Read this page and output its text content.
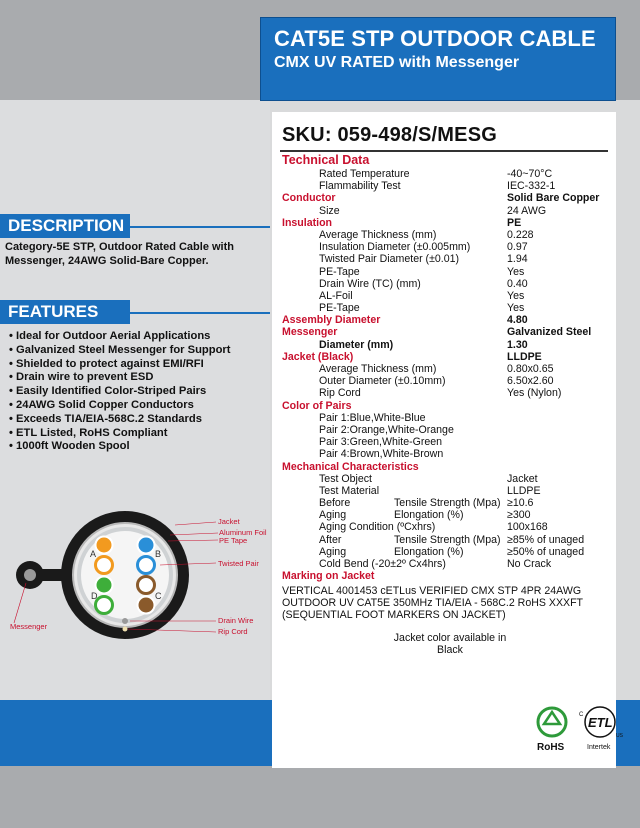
CAT5E STP OUTDOOR CABLE
CMX UV RATED with Messenger
SKU: 059-498/S/MESG
Technical Data
Rated Temperature	-40~70°C
Flammability Test	IEC-332-1
Conductor	Solid Bare Copper
Size	24 AWG
Insulation	PE
Average Thickness (mm)	0.228
Insulation Diameter (±0.005mm)	0.97
Twisted Pair Diameter (±0.01)	1.94
PE-Tape	Yes
Drain Wire (TC) (mm)	0.40
AL-Foil	Yes
PE-Tape	Yes
Assembly Diameter	4.80
Messenger	Galvanized Steel
Diameter (mm)	1.30
Jacket (Black)	LLDPE
Average Thickness (mm)	0.80x0.65
Outer Diameter (±0.10mm)	6.50x2.60
Rip Cord	Yes (Nylon)
Color of Pairs
Pair 1:Blue,White-Blue
Pair 2:Orange,White-Orange
Pair 3:Green,White-Green
Pair 4:Brown,White-Brown
Mechanical Characteristics
Test Object	Jacket
Test Material	LLDPE
Before	Tensile Strength (Mpa) ≥10.6
Aging	Elongation (%)	≥300
Aging Condition (ºCxhrs)	100x168
After	Tensile Strength (Mpa) ≥85% of unaged
Aging	Elongation (%)	≥50% of unaged
Cold Bend (-20±2º Cx4hrs)	No Crack
Marking on Jacket
VERTICAL 4001453 cETLus VERIFIED CMX STP 4PR 24AWG
OUTDOOR UV CAT5E 350MHz TIA/EIA - 568C.2 RoHS XXXFT
(SEQUENTIAL FOOT MARKERS ON JACKET)
Jacket color available in
Black
DESCRIPTION
Category-5E STP, Outdoor Rated Cable with Messenger, 24AWG Solid-Bare Copper.
FEATURES
• Ideal for Outdoor Aerial Applications
• Galvanized Steel Messenger for Support
• Shielded to protect against EMI/RFI
• Drain wire to prevent ESD
• Easily Identified Color-Striped Pairs
• 24AWG Solid Copper Conductors
• Exceeds TIA/EIA-568C.2 Standards
• ETL Listed, RoHS Compliant
• 1000ft Wooden Spool
A	B
C
D
Jacket
Aluminum Foil
PE Tape
Twisted Pair
Drain Wire
Rip Cord
Messenger
RoHS
ETL
C
US
Intertek
